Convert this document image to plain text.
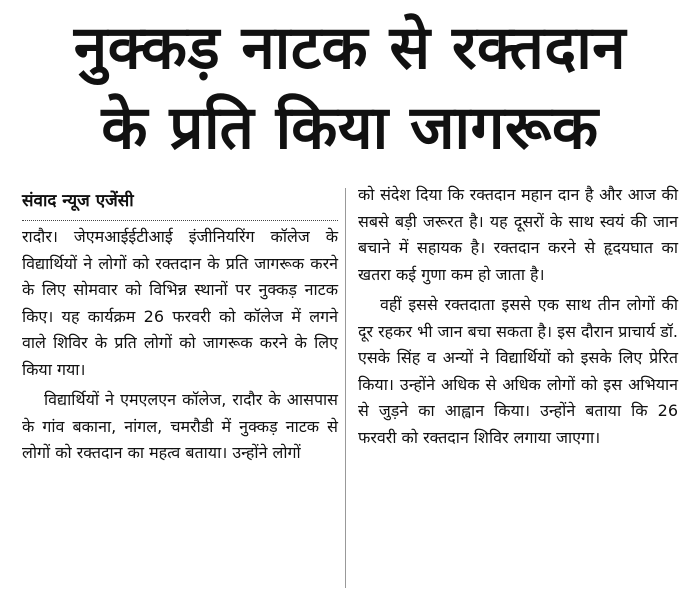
नुक्कड़ नाटक से रक्तदान
के प्रति किया जागरूक
संवाद न्यूज एजेंसी

रादौर। जेएमआईईटीआई इंजीनियरिंग कॉलेज के विद्यार्थियों ने लोगों को रक्तदान के प्रति जागरूक करने के लिए सोमवार को विभिन्न स्थानों पर नुक्कड़ नाटक किए। यह कार्यक्रम 26 फरवरी को कॉलेज में लगने वाले शिविर के प्रति लोगों को जागरूक करने के लिए किया गया।

विद्यार्थियों ने एमएलएन कॉलेज, रादौर के आसपास के गांव बकाना, नांगल, चमरौडी में नुक्कड़ नाटक से लोगों को रक्तदान का महत्व बताया। उन्होंने लोगों

को संदेश दिया कि रक्तदान महान दान है और आज की सबसे बड़ी जरूरत है। यह दूसरों के साथ स्वयं की जान बचाने में सहायक है। रक्तदान करने से हृदयघात का खतरा कई गुणा कम हो जाता है।

वहीं इससे रक्तदाता इससे एक साथ तीन लोगों की दूर रहकर भी जान बचा सकता है। इस दौरान प्राचार्य डॉ. एसके सिंह व अन्यों ने विद्यार्थियों को इसके लिए प्रेरित किया। उन्होंने अधिक से अधिक लोगों को इस अभियान से जुड़ने का आह्वान किया। उन्होंने बताया कि 26 फरवरी को रक्तदान शिविर लगाया जाएगा।
